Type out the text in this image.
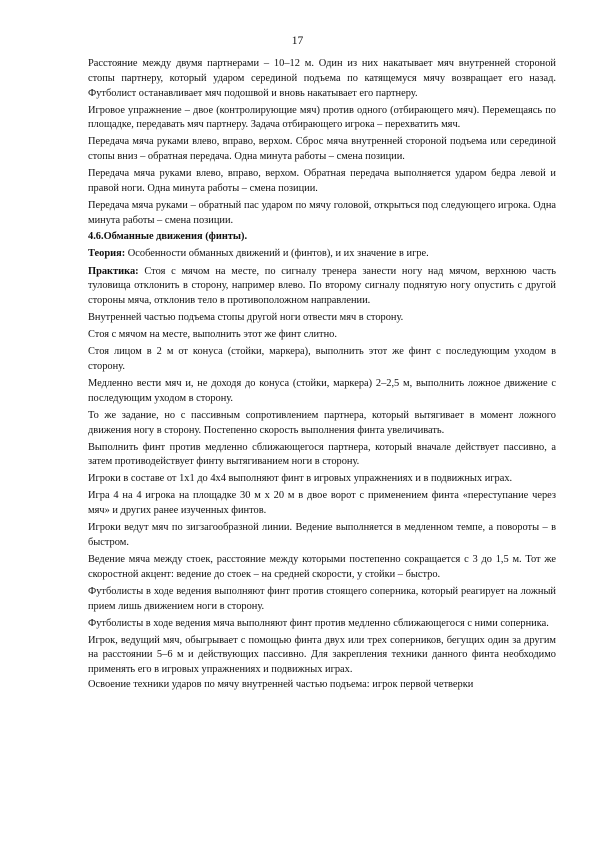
17

Расстояние между двумя партнерами – 10–12 м. Один из них накатывает мяч внутренней стороной стопы партнеру, который ударом серединой подъема по катящемуся мячу возвращает его назад. Футболист останавливает мяч подошвой и вновь накатывает его партнеру.

Игровое упражнение – двое (контролирующие мяч) против одного (отбирающего мяч). Перемещаясь по площадке, передавать мяч партнеру. Задача отбирающего игрока – перехватить мяч.

Передача мяча руками влево, вправо, верхом. Сброс мяча внутренней стороной подъема или серединой стопы вниз – обратная передача. Одна минута работы – смена позиции.

Передача мяча руками влево, вправо, верхом. Обратная передача выполняется ударом бедра левой и правой ноги. Одна минута работы – смена позиции.

Передача мяча руками – обратный пас ударом по мячу головой, открыться под следующего игрока. Одна минута работы – смена позиции.

4.6.Обманные движения (финты).

Теория: Особенности обманных движений и (финтов), и их значение в игре.

Практика: Стоя с мячом на месте, по сигналу тренера занести ногу над мячом, верхнюю часть туловища отклонить в сторону, например влево. По второму сигналу поднятую ногу опустить с другой стороны мяча, отклонив тело в противоположном направлении.

Внутренней частью подъема стопы другой ноги отвести мяч в сторону.

Стоя с мячом на месте, выполнить этот же финт слитно.

Стоя лицом в 2 м от конуса (стойки, маркера), выполнить этот же финт с последующим уходом в сторону.

Медленно вести мяч и, не доходя до конуса (стойки, маркера) 2–2,5 м, выполнить ложное движение с последующим уходом в сторону.

То же задание, но с пассивным сопротивлением партнера, который вытягивает в момент ложного движения ногу в сторону. Постепенно скорость выполнения финта увеличивать.

Выполнить финт против медленно сближающегося партнера, который вначале действует пассивно, а затем противодействует финту вытягиванием ноги в сторону.

Игроки в составе от 1х1 до 4х4 выполняют финт в игровых упражнениях и в подвижных играх.

Игра 4 на 4 игрока на площадке 30 м х 20 м в двое ворот с применением финта «переступание через мяч» и других ранее изученных финтов.

Игроки ведут мяч по зигзагообразной линии. Ведение выполняется в медленном темпе, а повороты – в быстром.

Ведение мяча между стоек, расстояние между которыми постепенно сокращается с 3 до 1,5 м. Тот же скоростной акцент: ведение до стоек – на средней скорости, у стойки – быстро.

Футболисты в ходе ведения выполняют финт против стоящего соперника, который реагирует на ложный прием лишь движением ноги в сторону.

Футболисты в ходе ведения мяча выполняют финт против медленно сближающегося с ними соперника.

Игрок, ведущий мяч, обыгрывает с помощью финта двух или трех соперников, бегущих один за другим на расстоянии 5–6 м и действующих пассивно. Для закрепления техники данного финта необходимо применять его в игровых упражнениях и подвижных играх.

Освоение техники ударов по мячу внутренней частью подъема: игрок первой четверки
